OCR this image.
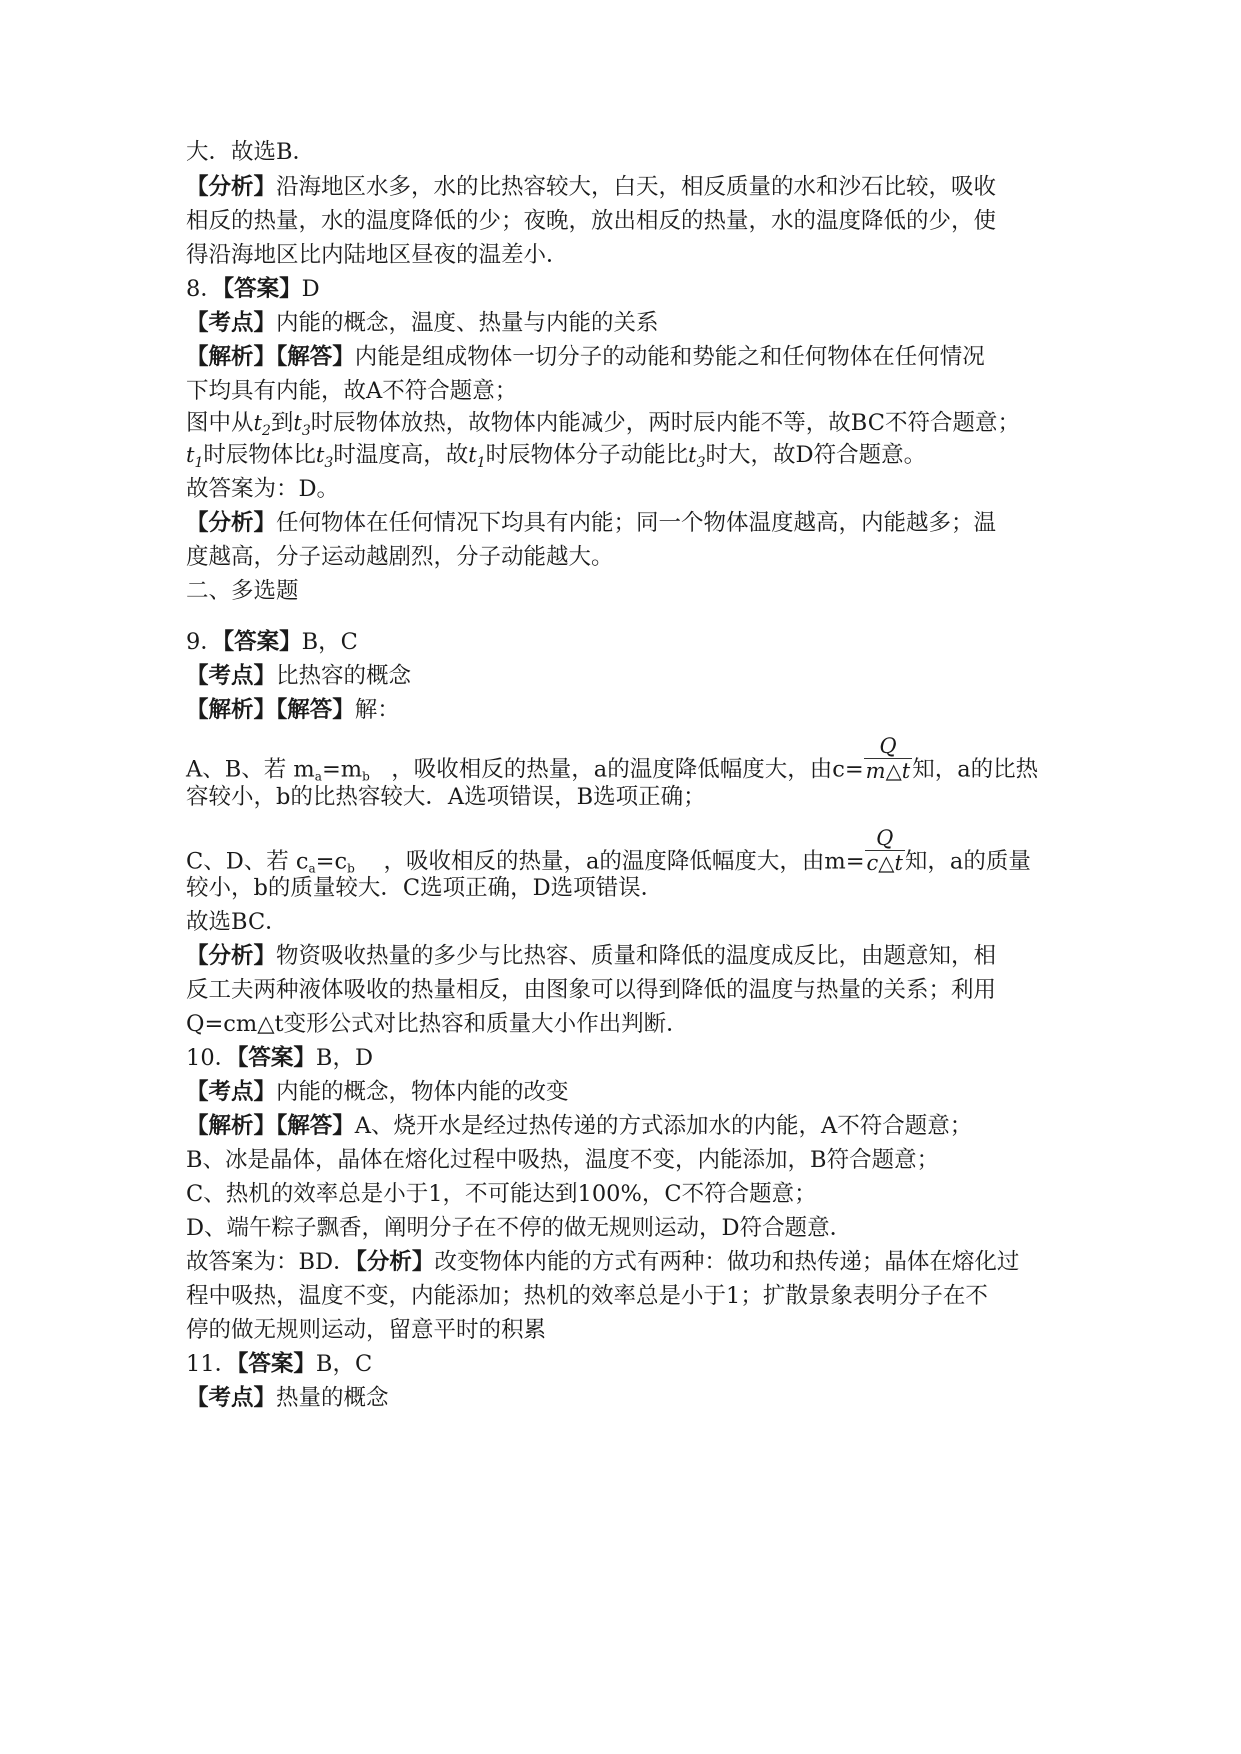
大．故选B．
【分析】沿海地区水多，水的比热容较大，白天，相反质量的水和沙石比较，吸收
相反的热量，水的温度降低的少；夜晚，放出相反的热量，水的温度降低的少，使
得沿海地区比内陆地区昼夜的温差小．
8．【答案】D
【考点】内能的概念，温度、热量与内能的关系
【解析】【解答】内能是组成物体一切分子的动能和势能之和任何物体在任何情况
下均具有内能，故A不符合题意；
图中从$t_2$到$t_3$时辰物体放热，故物体内能减少，两时辰内能不等，故BC不符合题意；
$t_1$时辰物体比$t_3$时温度高，故$t_1$时辰物体分子动能比$t_3$时大，故D符合题意。
故答案为：D。
【分析】任何物体在任何情况下均具有内能；同一个物体温度越高，内能越多；温
度越高，分子运动越剧烈，分子动能越大。
二、多选题
9．【答案】B，C
【考点】比热容的概念
【解析】【解答】解：
A、B、若 ma=mb ，吸收相反的热量，a的温度降低幅度大，由$c= \frac{Q}{m\triangle t}$ 知，a的比热
容较小，b的比热容较大．A选项错误，B选项正确；
C、D、若 ca=cb ，吸收相反的热量，a的温度降低幅度大，由$m= \frac{Q}{c\triangle t}$ 知，a的质量
较小，b的质量较大．C选项正确，D选项错误．
故选BC．
【分析】物资吸收热量的多少与比热容、质量和降低的温度成反比，由题意知，相
反工夫两种液体吸收的热量相反，由图象可以得到降低的温度与热量的关系；利用
Q=cm△t变形公式对比热容和质量大小作出判断．
10．【答案】B，D
【考点】内能的概念，物体内能的改变
【解析】【解答】A、烧开水是经过热传递的方式添加水的内能，A不符合题意；
B、冰是晶体，晶体在熔化过程中吸热，温度不变，内能添加，B符合题意；
C、热机的效率总是小于1，不可能达到100%，C不符合题意；
D、端午粽子飘香，阐明分子在不停的做无规则运动，D符合题意．
故答案为：BD．【分析】改变物体内能的方式有两种：做功和热传递；晶体在熔化过
程中吸热，温度不变，内能添加；热机的效率总是小于1；扩散景象表明分子在不
停的做无规则运动，留意平时的积累
11．【答案】B，C
【考点】热量的概念
